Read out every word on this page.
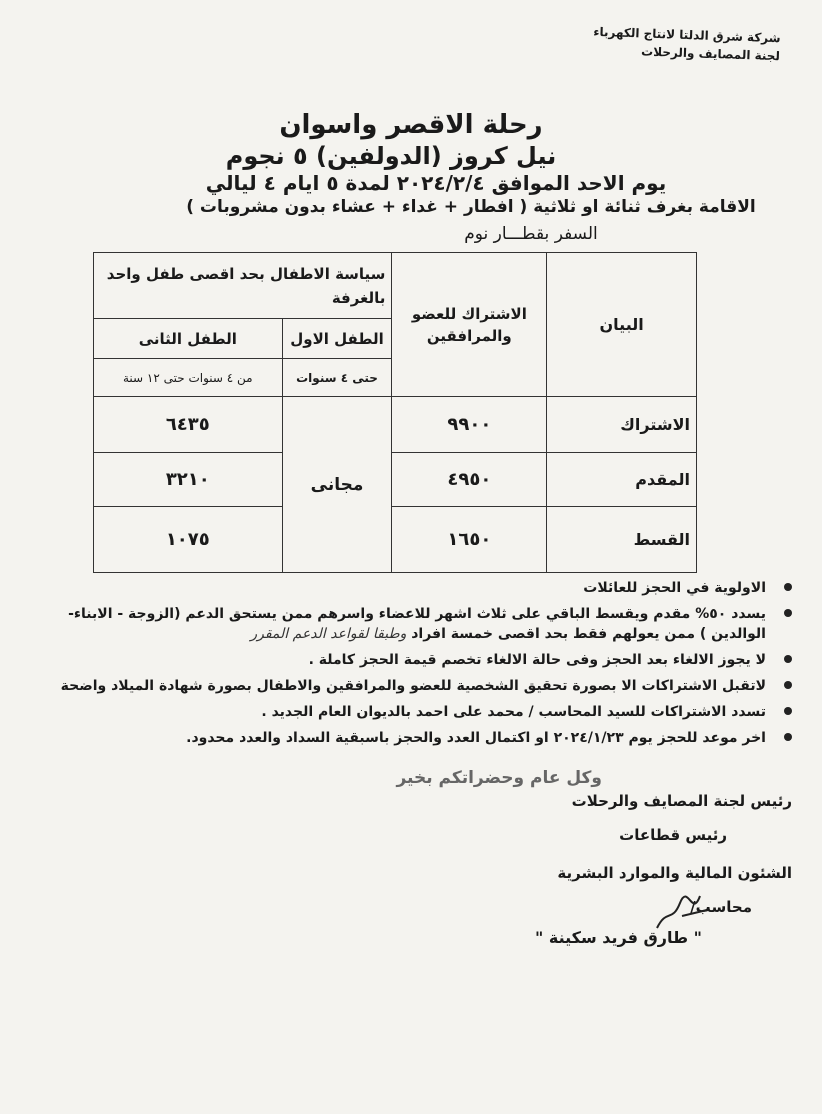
شركة شرق الدلتا لانتاج الكهرباء
لجنة المصايف والرحلات
رحلة الاقصر واسوان
نيل كروز (الدولفين) ٥ نجوم
يوم الاحد الموافق ٢٠٢٤/٢/٤ لمدة ٥ ايام ٤ ليالي
الاقامة بغرف ثنائة او ثلاثية ( افطار + غداء + عشاء بدون مشروبات )
السفر بقطـــار نوم
البيان	الاشتراك للعضو والمرافقين	سياسة الاطفال بحد اقصى طفل واحد بالغرفة	
		الطفل الاول	الطفل الثانى
		حتى ٤ سنوات	من ٤ سنوات حتى ١٢ سنة
الاشتراك	٩٩٠٠	مجانى	٦٤٣٥
المقدم	٤٩٥٠		٣٢١٠
القسط	١٦٥٠		١٠٧٥
الاولوية في الحجز للعائلات
يسدد ٥٠% مقدم ويقسط الباقي على ثلاث اشهر للاعضاء واسرهم ممن يستحق الدعم (الزوجة - الابناء- الوالدين ) ممن يعولهم فقط بحد اقصى خمسة افراد وطبقا لقواعد الدعم المقرر
لا يجوز الالغاء بعد الحجز وفى حالة الالغاء تخصم قيمة الحجز كاملة .
لاتقبل الاشتراكات الا بصورة تحقيق الشخصية للعضو والمرافقين والاطفال بصورة شهادة الميلاد واضحة
تسدد الاشتراكات للسيد المحاسب / محمد على احمد بالديوان العام الجديد .
اخر موعد للحجز يوم ٢٠٢٤/١/٢٣ او اكتمال العدد والحجز باسبقية السداد والعدد محدود.
وكل عام وحضراتكم بخير
رئيس لجنة المصايف والرحلات
رئيس قطاعات
الشئون المالية والموارد البشرية
محاسب/
" طارق فريد سكينة "
